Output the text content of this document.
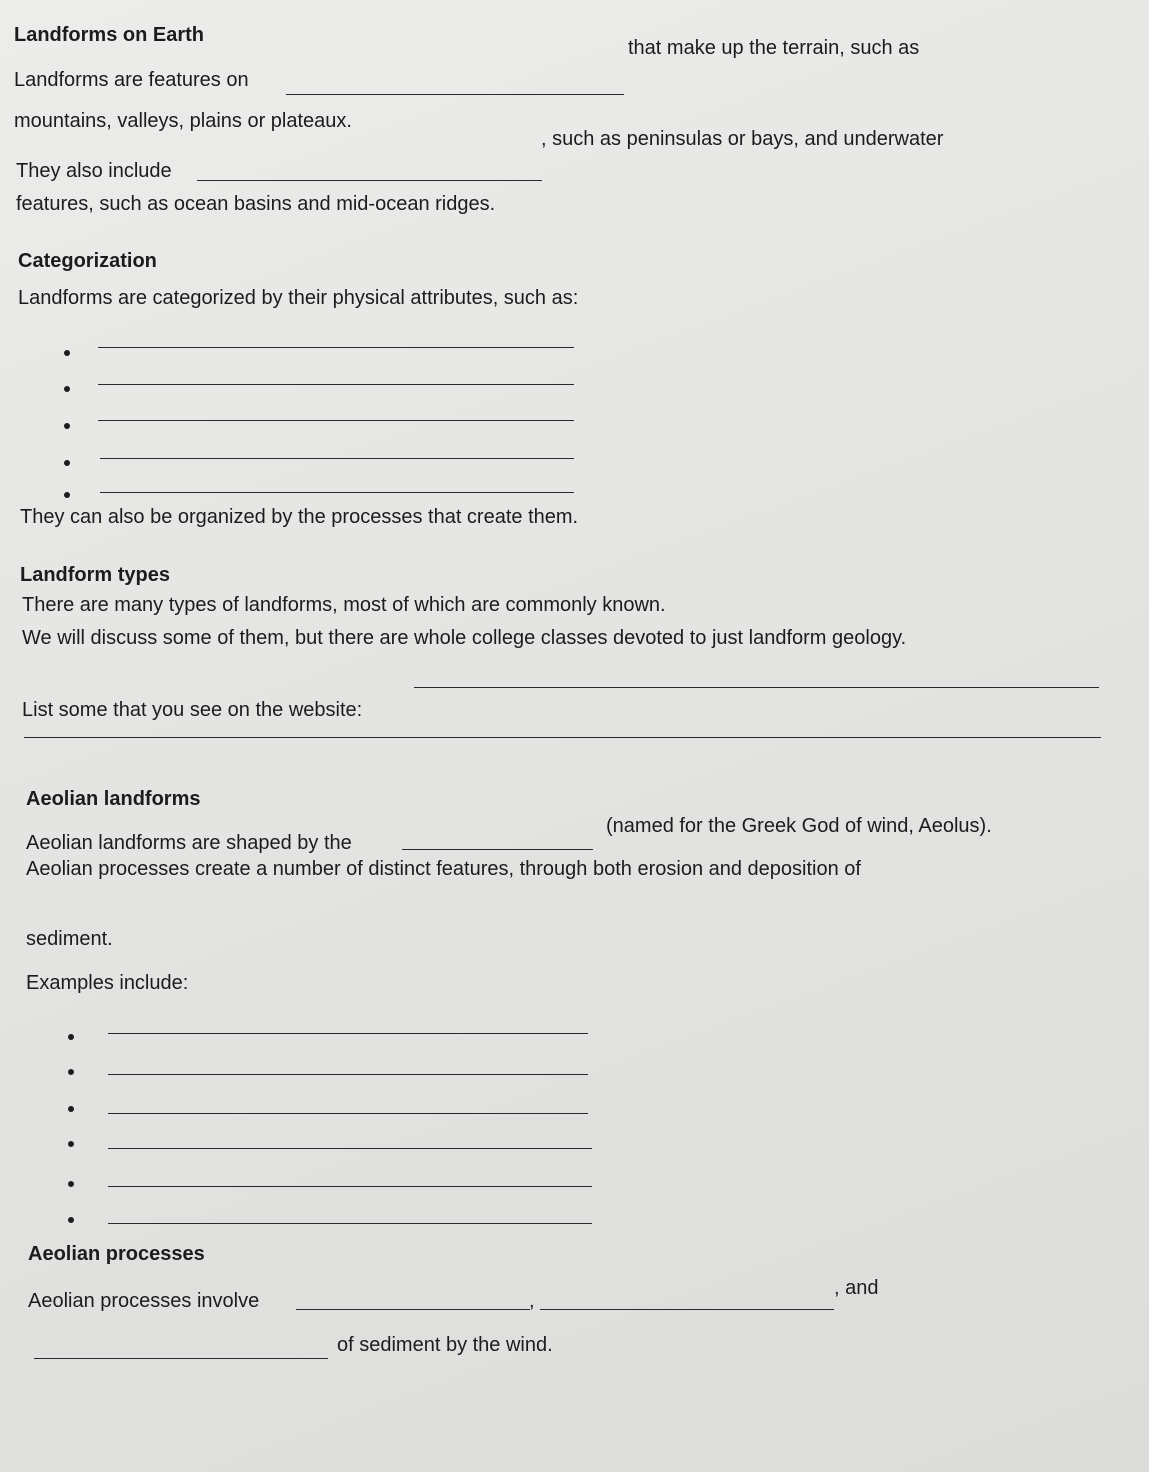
Landforms on Earth
Landforms are features on
that make up the terrain, such as
mountains, valleys, plains or plateaux.
They also include
, such as peninsulas or bays, and underwater
features, such as ocean basins and mid-ocean ridges.
Categorization
Landforms are categorized by their physical attributes, such as:
They can also be organized by the processes that create them.
Landform types
There are many types of landforms, most of which are commonly known.
We will discuss some of them, but there are whole college classes devoted to just landform geology.
List some that you see on the website:
Aeolian landforms
Aeolian landforms are shaped by the
(named for the Greek God of wind, Aeolus).
Aeolian processes create a number of distinct features, through both erosion and deposition of
sediment.
Examples include:
Aeolian processes
Aeolian processes involve	,
, and
of sediment by the wind.
